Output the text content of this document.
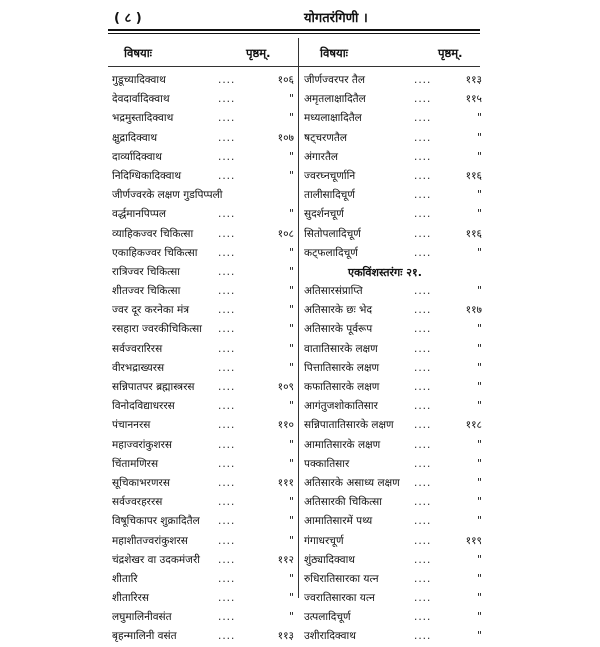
( ८ )	योगतरंगिणी ।
विषयाः	पृष्ठम्.	विषयाः	पृष्ठम्.
गुडूच्यादिक्वाथ	....	१०६
देवदार्वादिक्वाथ	....	"
भद्रमुस्तादिक्वाथ	....	"
क्षुद्रादिक्वाथ	....	१०७
दार्व्यादिक्वाथ	....	"
निदिग्धिकादिक्वाथ	....	"
जीर्णज्वरके लक्षण गुडपिप्पली
वर्द्धमानपिप्पल	....	"
व्याहिकज्वर चिकित्सा ....	१०८
एकाहिकज्वर चिकित्सा ....	"
रात्रिज्वर चिकित्सा	....	"
शीतज्वर चिकित्सा	....	"
ज्वर दूर करनेका मंत्र	....	"
रसहारा ज्वरकीचिकित्सा ....	"
सर्वज्वरारिरस	....	"
वीरभद्राख्यरस	....	"
सन्निपातपर ब्रह्मास्त्ररस ....	१०९
विनोदविद्याधररस	....	"
पंचाननरस	....	११०
महाज्वरांकुशरस	....	"
चिंतामणिरस	....	"
सूचिकाभरणरस	....	१११
सर्वज्वरहररस	....	"
विषूचिकापर शुक्रादितैल ....	"
महाशीतज्वरांकुशरस	....	"
चंद्रशेखर वा उदकमंजरी ....	११२
शीतारि	....	"
शीतारिरस	....	"
लघुमालिनीवसंत	....	"
बृहन्मालिनी वसंत	....	११३
जीर्णज्वरपर तैल	....	११३
अमृतलाक्षादितैल	....	११५
मध्यलाक्षादितैल	....	"
षट्चरणतैल	....	"
अंगारतैल	....	"
ज्वरघ्नचूर्णानि	....	११६
तालीसादिचूर्ण	....	"
सुदर्शनचूर्ण	....	"
सितोपलादिचूर्ण	....	११६
कट्फलादिचूर्ण	....	"
एकविंशस्तरंगः २१.
अतिसारसंप्राप्ति	....	"
अतिसारके छः भेद	....	११७
अतिसारके पूर्वरूप	....	"
वातातिसारके लक्षण	....	"
पित्तातिसारके लक्षण	....	"
कफातिसारके लक्षण	....	"
आगंतुजशोकातिसार	....	"
सन्निपातातिसारके लक्षण ....	११८
आमातिसारके लक्षण	....	"
पक्कातिसार	....	"
अतिसारके असाध्य लक्षण ....	"
अतिसारकी चिकित्सा	....	"
आमातिसारमें पथ्य	....	"
गंगाधरचूर्ण	....	११९
शुंठ्यादिक्वाथ	....	"
रुधिरातिसारका यत्न	....	"
ज्वरातिसारका यत्न	....	"
उत्पलादिचूर्ण	....	"
उशीरादिक्वाथ	....	"
